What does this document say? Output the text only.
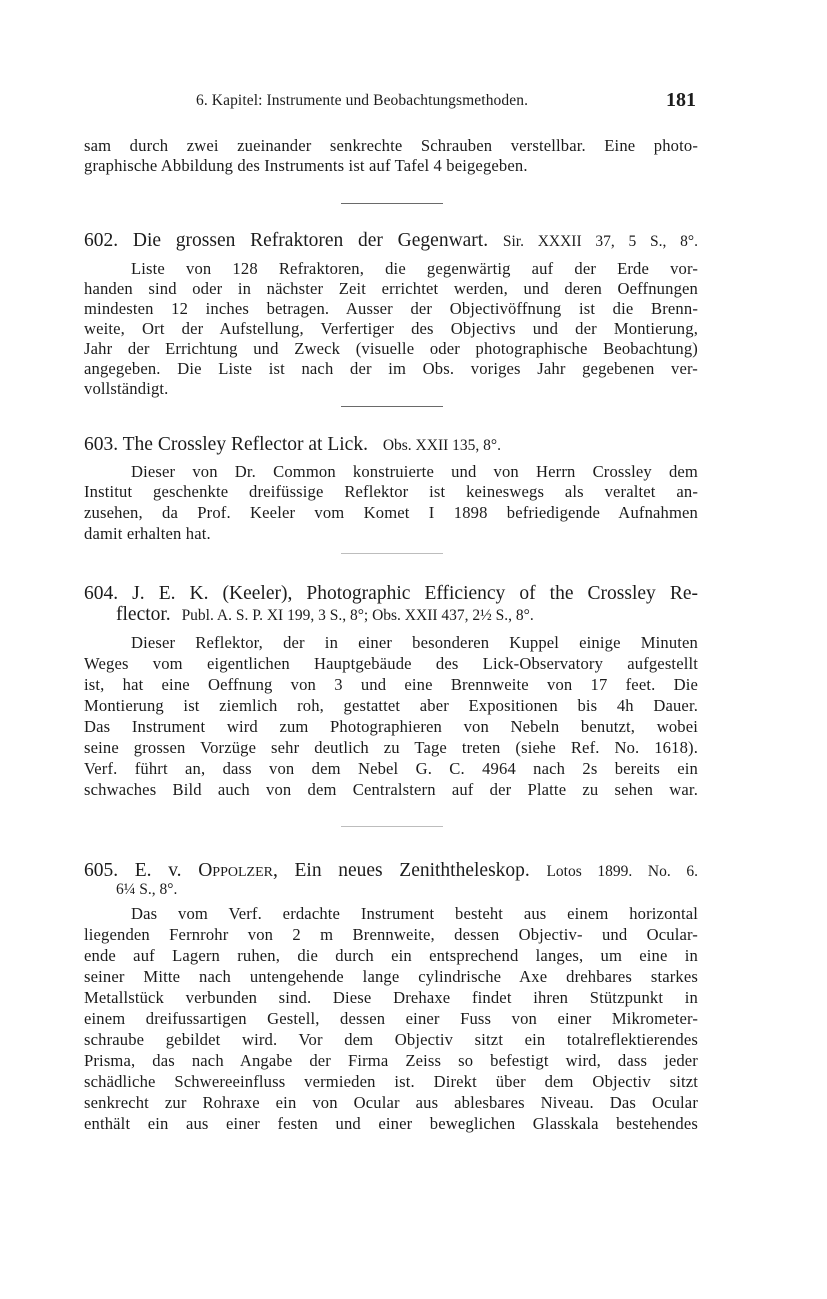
6. Kapitel: Instrumente und Beobachtungsmethoden.	181
sam durch zwei zueinander senkrechte Schrauben verstellbar. Eine photo-
graphische Abbildung des Instruments ist auf Tafel 4 beigegeben.
602. Die grossen Refraktoren der Gegenwart. Sir. XXXII 37, 5 S., 8°.
Liste von 128 Refraktoren, die gegenwärtig auf der Erde vor-
handen sind oder in nächster Zeit errichtet werden, und deren Oeffnungen
mindesten 12 inches betragen. Ausser der Objectivöffnung ist die Brenn-
weite, Ort der Aufstellung, Verfertiger des Objectivs und der Montierung,
Jahr der Errichtung und Zweck (visuelle oder photographische Beobachtung)
angegeben. Die Liste ist nach der im Obs. voriges Jahr gegebenen ver-
vollständigt.
603. The Crossley Reflector at Lick. Obs. XXII 135, 8°.
Dieser von Dr. Common konstruierte und von Herrn Crossley dem
Institut geschenkte dreifüssige Reflektor ist keineswegs als veraltet an-
zusehen, da Prof. Keeler vom Komet I 1898 befriedigende Aufnahmen
damit erhalten hat.
604. J. E. K. (Keeler), Photographic Efficiency of the Crossley Re-
flector. Publ. A. S. P. XI 199, 3 S., 8°; Obs. XXII 437, 2½ S., 8°.
Dieser Reflektor, der in einer besonderen Kuppel einige Minuten
Weges vom eigentlichen Hauptgebäude des Lick-Observatory aufgestellt
ist, hat eine Oeffnung von 3 und eine Brennweite von 17 feet. Die
Montierung ist ziemlich roh, gestattet aber Expositionen bis 4h Dauer.
Das Instrument wird zum Photographieren von Nebeln benutzt, wobei
seine grossen Vorzüge sehr deutlich zu Tage treten (siehe Ref. No. 1618).
Verf. führt an, dass von dem Nebel G. C. 4964 nach 2s bereits ein
schwaches Bild auch von dem Centralstern auf der Platte zu sehen war.
605. E. v. Oppolzer, Ein neues Zeniththeleskop. Lotos 1899. No. 6.
6¼ S., 8°.
Das vom Verf. erdachte Instrument besteht aus einem horizontal
liegenden Fernrohr von 2 m Brennweite, dessen Objectiv- und Ocular-
ende auf Lagern ruhen, die durch ein entsprechend langes, um eine in
seiner Mitte nach untengehende lange cylindrische Axe drehbares starkes
Metallstück verbunden sind. Diese Drehaxe findet ihren Stützpunkt in
einem dreifussartigen Gestell, dessen einer Fuss von einer Mikrometer-
schraube gebildet wird. Vor dem Objectiv sitzt ein totalreflektierendes
Prisma, das nach Angabe der Firma Zeiss so befestigt wird, dass jeder
schädliche Schwereeinfluss vermieden ist. Direkt über dem Objectiv sitzt
senkrecht zur Rohraxe ein von Ocular aus ablesbares Niveau. Das Ocular
enthält ein aus einer festen und einer beweglichen Glasskala bestehendes
